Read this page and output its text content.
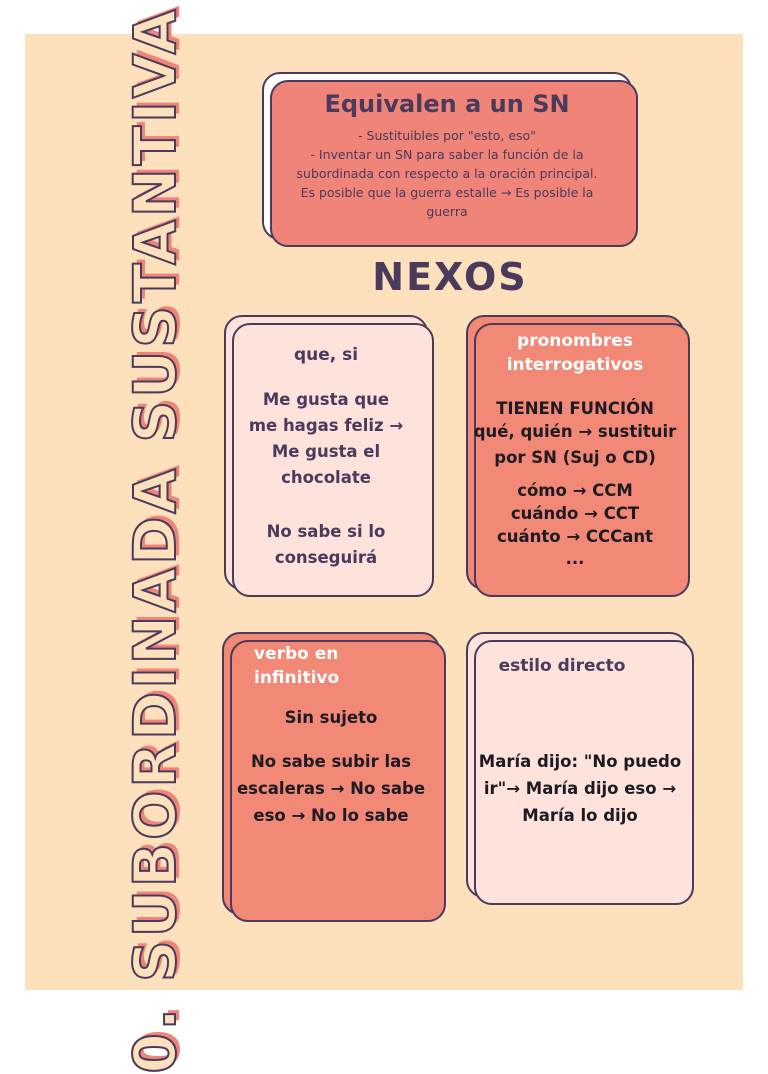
0. SUBORDINADA SUSTANTIVA	Equivalen a un SN

- Sustituibles por "esto, eso"

- Inventar un SN para saber la función de la subordinada con respecto a la oración principal.

Es posible que la guerra estalle → Es posible la guerra

NEXOS
que, si
Me gusta que me hagas feliz → Me gusta el chocolate
No sabe si lo conseguirá
pronombres interrogativos
TIENEN FUNCIÓN
qué, quién → sustituir
por SN (Suj o CD)
cómo → CCM
cuándo → CCT
cuánto → CCCant
...
verbo en infinitivo
Sin sujeto
No sabe subir las escaleras → No sabe eso → No lo sabe
estilo directo
María dijo: "No puedo ir"→ María dijo eso → María lo dijo
